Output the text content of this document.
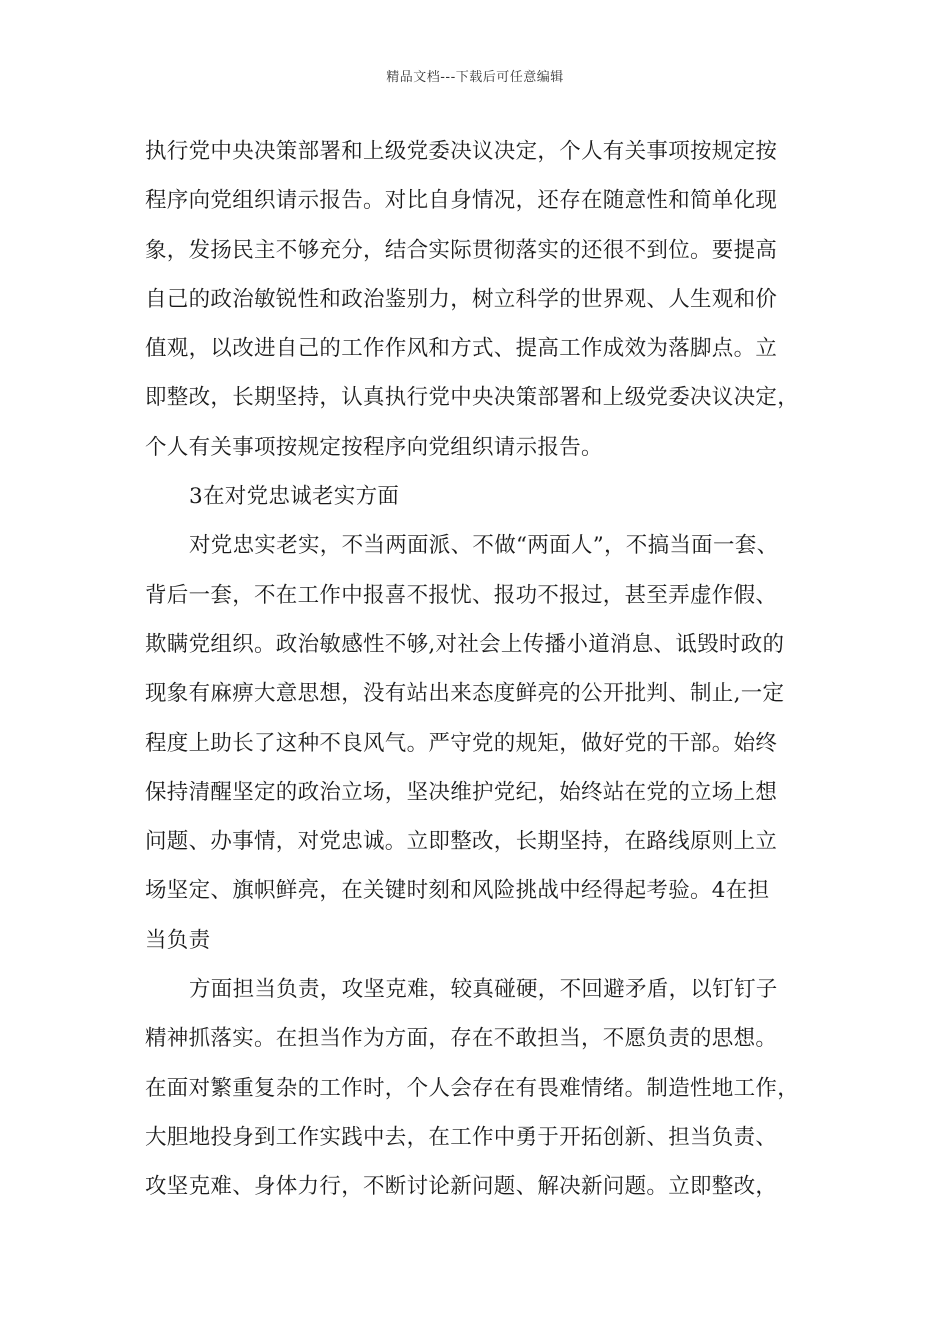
精品文档---下载后可任意编辑
执行党中央决策部署和上级党委决议决定，个人有关事项按规定按
程序向党组织请示报告。对比自身情况，还存在随意性和简单化现
象，发扬民主不够充分，结合实际贯彻落实的还很不到位。要提高
自己的政治敏锐性和政治鉴别力，树立科学的世界观、人生观和价
值观，以改进自己的工作作风和方式、提高工作成效为落脚点。立
即整改，长期坚持，认真执行党中央决策部署和上级党委决议决定，
个人有关事项按规定按程序向党组织请示报告。
3在对党忠诚老实方面
对党忠实老实，不当两面派、不做“两面人”，不搞当面一套、
背后一套，不在工作中报喜不报忧、报功不报过，甚至弄虚作假、
欺瞒党组织。政治敏感性不够,对社会上传播小道消息、诋毁时政的
现象有麻痹大意思想，没有站出来态度鲜亮的公开批判、制止,一定
程度上助长了这种不良风气。严守党的规矩，做好党的干部。始终
保持清醒坚定的政治立场，坚决维护党纪，始终站在党的立场上想
问题、办事情，对党忠诚。立即整改，长期坚持，在路线原则上立
场坚定、旗帜鲜亮，在关键时刻和风险挑战中经得起考验。4在担
当负责
方面担当负责，攻坚克难，较真碰硬，不回避矛盾，以钉钉子
精神抓落实。在担当作为方面，存在不敢担当，不愿负责的思想。
在面对繁重复杂的工作时，个人会存在有畏难情绪。制造性地工作，
大胆地投身到工作实践中去，在工作中勇于开拓创新、担当负责、
攻坚克难、身体力行，不断讨论新问题、解决新问题。立即整改，
